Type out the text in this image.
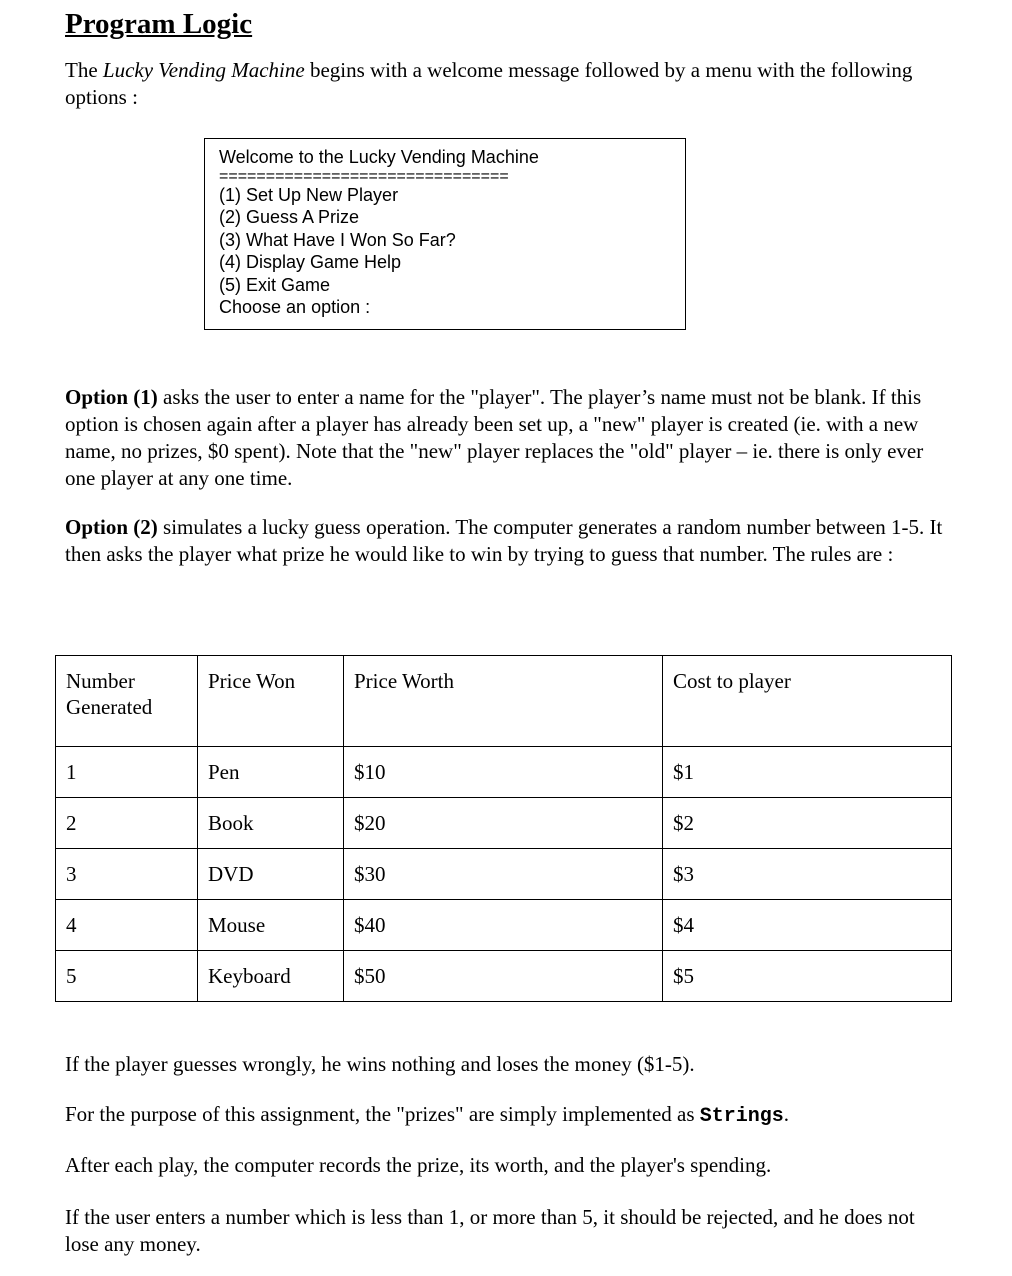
Program Logic
The Lucky Vending Machine begins with a welcome message followed by a menu with the following options :
Welcome to the Lucky Vending Machine
===============================
(1) Set Up New Player
(2) Guess A Prize
(3) What Have I Won So Far?
(4) Display Game Help
(5) Exit Game
Choose an option :
Option (1) asks the user to enter a name for the "player". The player’s name must not be blank. If this option is chosen again after a player has already been set up, a "new" player is created (ie. with a new name, no prizes, $0 spent). Note that the "new" player replaces the "old" player – ie. there is only ever one player at any one time.
Option (2) simulates a lucky guess operation. The computer generates a random number between 1-5. It then asks the player what prize he would like to win by trying to guess that number. The rules are :
Number Generated	Price Won	Price Worth	Cost to player
1	Pen	$10	$1
2	Book	$20	$2
3	DVD	$30	$3
4	Mouse	$40	$4
5	Keyboard	$50	$5
If the player guesses wrongly, he wins nothing and loses the money ($1-5).
For the purpose of this assignment, the "prizes" are simply implemented as Strings.
After each play, the computer records the prize, its worth, and the player's spending.
If the user enters a number which is less than 1, or more than 5, it should be rejected, and he does not lose any money.
